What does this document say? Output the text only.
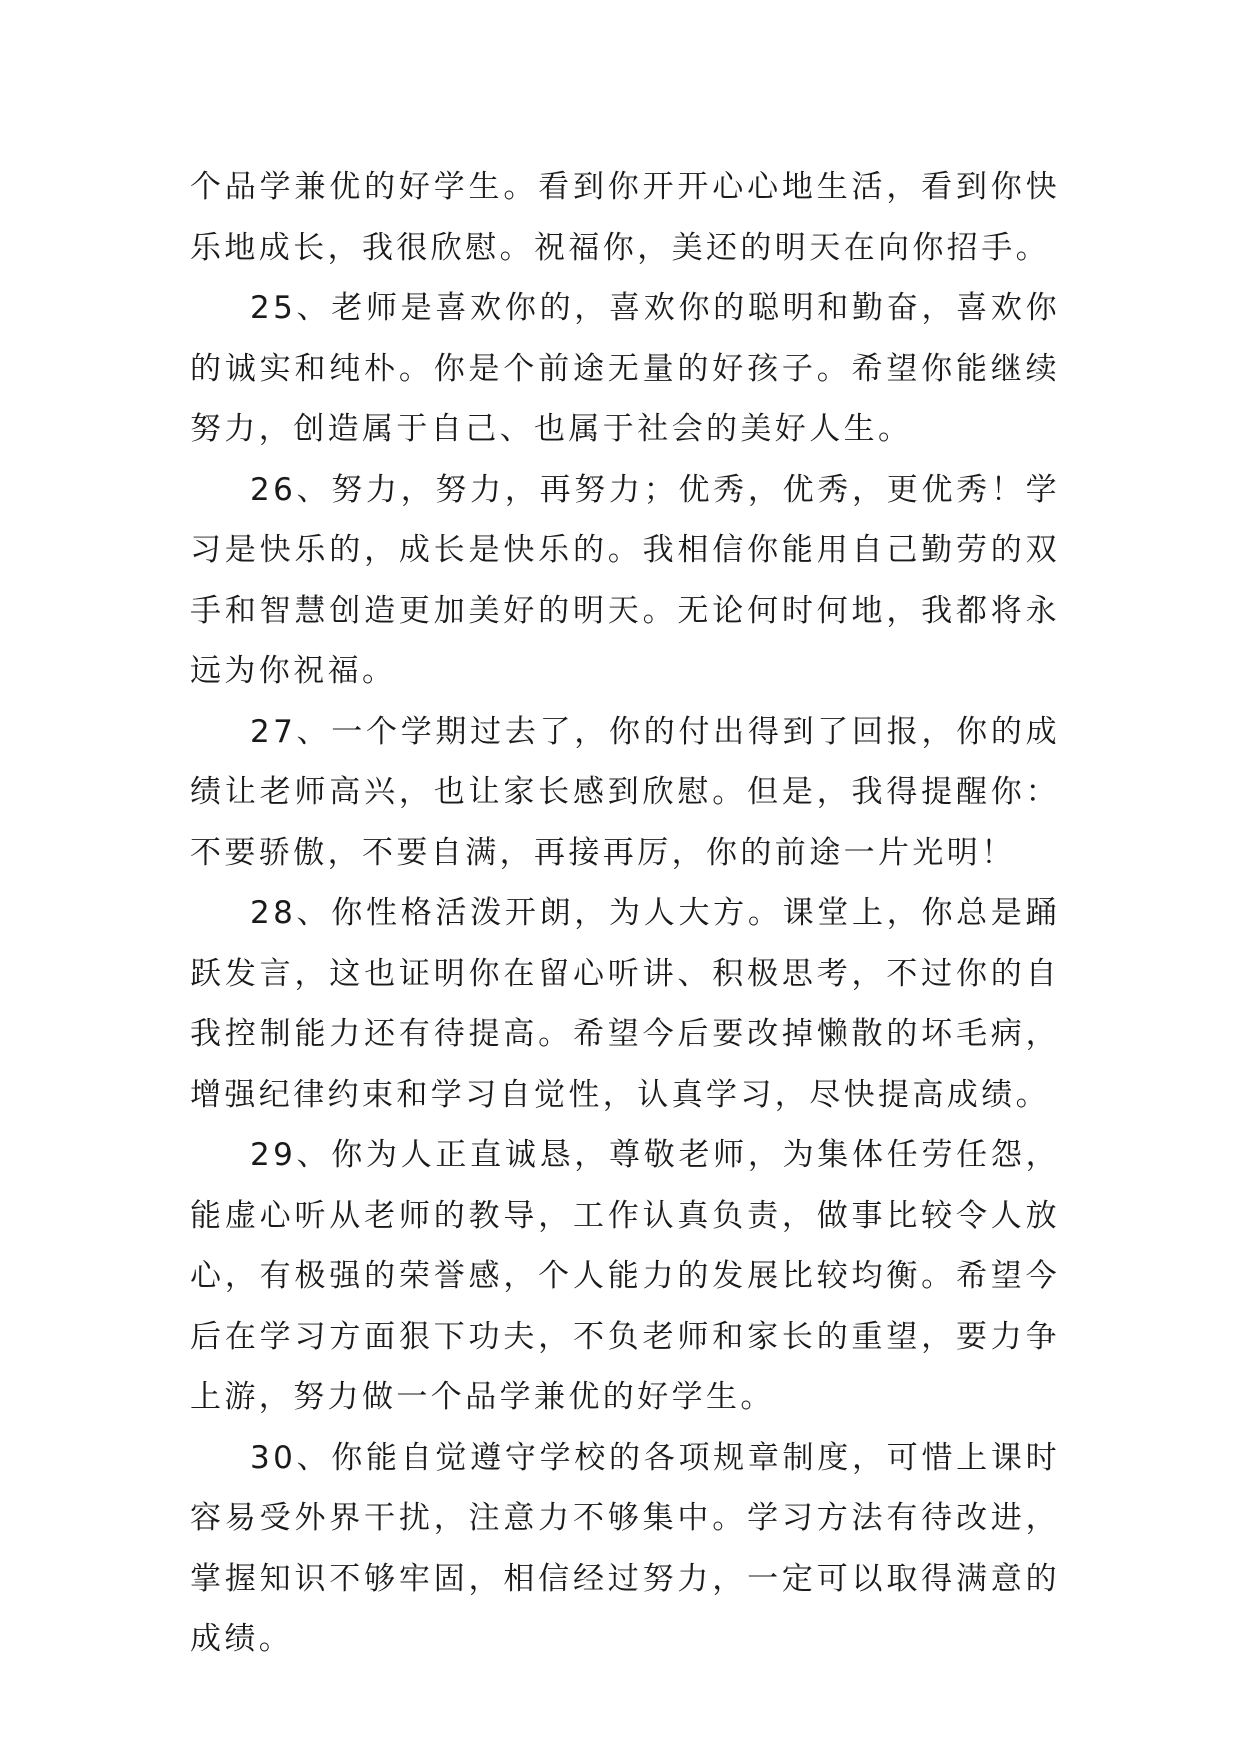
个品学兼优的好学生。看到你开开心心地生活，看到你快乐地成长，我很欣慰。祝福你，美还的明天在向你招手。

25、老师是喜欢你的，喜欢你的聪明和勤奋，喜欢你的诚实和纯朴。你是个前途无量的好孩子。希望你能继续努力，创造属于自己、也属于社会的美好人生。

26、努力，努力，再努力；优秀，优秀，更优秀！学习是快乐的，成长是快乐的。我相信你能用自己勤劳的双手和智慧创造更加美好的明天。无论何时何地，我都将永远为你祝福。

27、一个学期过去了，你的付出得到了回报，你的成绩让老师高兴，也让家长感到欣慰。但是，我得提醒你：不要骄傲，不要自满，再接再厉，你的前途一片光明！

28、你性格活泼开朗，为人大方。课堂上，你总是踊跃发言，这也证明你在留心听讲、积极思考，不过你的自我控制能力还有待提高。希望今后要改掉懒散的坏毛病，增强纪律约束和学习自觉性，认真学习，尽快提高成绩。

29、你为人正直诚恳，尊敬老师，为集体任劳任怨，能虚心听从老师的教导，工作认真负责，做事比较令人放心，有极强的荣誉感，个人能力的发展比较均衡。希望今后在学习方面狠下功夫，不负老师和家长的重望，要力争上游，努力做一个品学兼优的好学生。

30、你能自觉遵守学校的各项规章制度，可惜上课时容易受外界干扰，注意力不够集中。学习方法有待改进，掌握知识不够牢固，相信经过努力，一定可以取得满意的成绩。
